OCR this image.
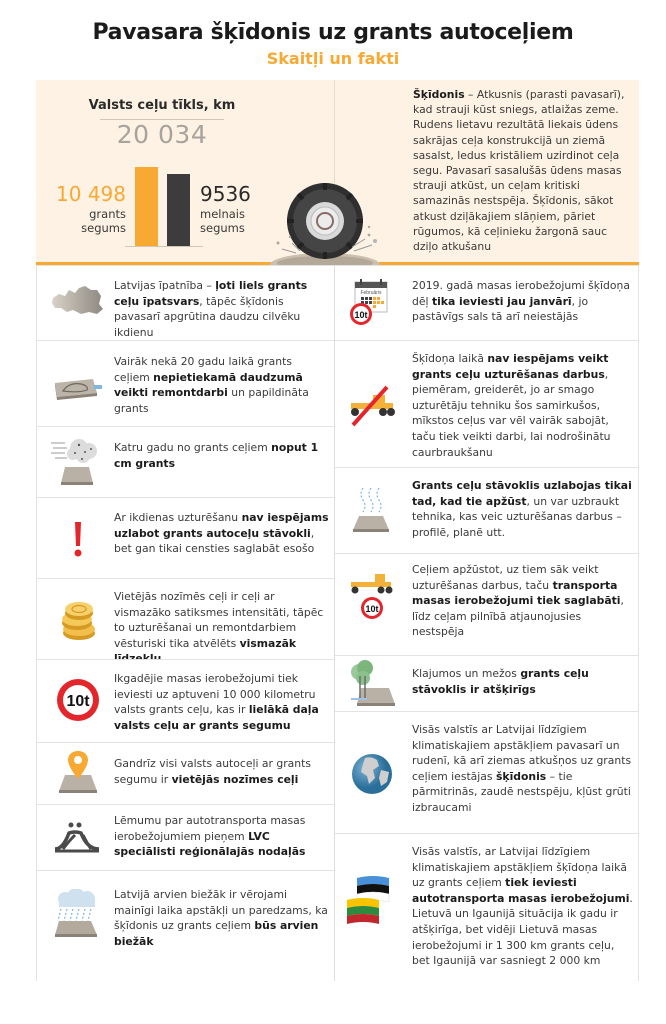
Pavasara šķīdonis uz grants autoceļiem
Skaitļi un fakti
Valsts ceļu tīkls, km
20 034
10 498
grants
segums
9536
melnais
segums
Šķīdonis – Atkusnis (parasti pavasarī), kad strauji kūst sniegs, atlaižas zeme. Rudens lietavu rezultātā liekais ūdens sakrājas ceļa konstrukcijā un ziemā sasalst, ledus kristāliem uzirdinot ceļa segu. Pavasarī sasalušās ūdens masas strauji atkūst, un ceļam kritiski samazinās nestspēja. Šķīdonis, sākot atkust dziļākajiem slāņiem, pāriet rūgumos, kā ceļinieku žargonā sauc dziļo atkušanu
Latvijas īpatnība – ļoti liels grants ceļu īpatsvars, tāpēc šķīdonis pavasarī apgrūtina daudzu cilvēku ikdienu
Vairāk nekā 20 gadu laikā grants ceļiem nepietiekamā daudzumā veikti remontdarbi un papildināta grants
Katru gadu no grants ceļiem noput 1 cm grants
Ar ikdienas uzturēšanu nav iespējams uzlabot grants autoceļu stāvokli, bet gan tikai censties saglabāt esošo
Vietējās nozīmēs ceļi ir ceļi ar vismazāko satiksmes intensitāti, tāpēc to uzturēšanai un remontdarbiem vēsturiski tika atvēlēts vismazāk
10t
Ikgadējie masas ierobežojumi tiek ieviesti uz aptuveni 10 000 kilometru valsts grants ceļu, kas ir lielākā daļa valsts ceļu ar grants segumu
Gandrīz visi valsts autoceļi ar grants segumu ir vietējās nozīmes ceļi
Lēmumu par autotransporta masas ierobežojumiem pieņem LVC speciālisti reģionālajās nodaļās
Latvijā arvien biežāk ir vērojami mainīgi laika apstākļi un paredzams, ka šķīdonis uz grants ceļiem būs arvien biežāk
Februāris
10t
2019. gadā masas ierobežojumi šķīdoņa dēļ tika ieviesti jau janvārī, jo pastāvīgs sals tā arī neiestājās
Šķīdoņa laikā nav iespējams veikt grants ceļu uzturēšanas darbus, piemēram, greiderēt, jo ar smago uzturētāju tehniku šos samirkušos, mīkstos ceļus var vēl vairāk sabojāt, taču tiek veikti darbi, lai nodrošinātu caurbraukšanu
Grants ceļu stāvoklis uzlabojas tikai tad, kad tie apžūst, un var uzbraukt tehnika, kas veic uzturēšanas darbus – profilē, planē utt.
10t
Ceļiem apžūstot, uz tiem sāk veikt uzturēšanas darbus, taču transporta masas ierobežojumi tiek saglabāti, līdz ceļam pilnībā atjaunojusies nestspēja
Klajumos un mežos grants ceļu stāvoklis ir atšķirīgs
Visās valstīs ar Latvijai līdzīgiem klimatiskajiem apstākļiem pavasarī un rudenī, kā arī ziemas atkušņos uz grants ceļiem iestājas šķīdonis – tie pārmitrinās, zaudē nestspēju, kļūst grūti izbraucami
Visās valstīs, ar Latvijai līdzīgiem klimatiskajiem apstākļiem šķīdoņa laikā uz grants ceļiem tiek ieviesti autotransporta masas ierobežojumi. Lietuvā un Igaunijā situācija ik gadu ir atšķirīga, bet vidēji Lietuvā masas ierobežojumi ir 1 300 km grants ceļu, bet Igaunijā var sasniegt 2 000 km
